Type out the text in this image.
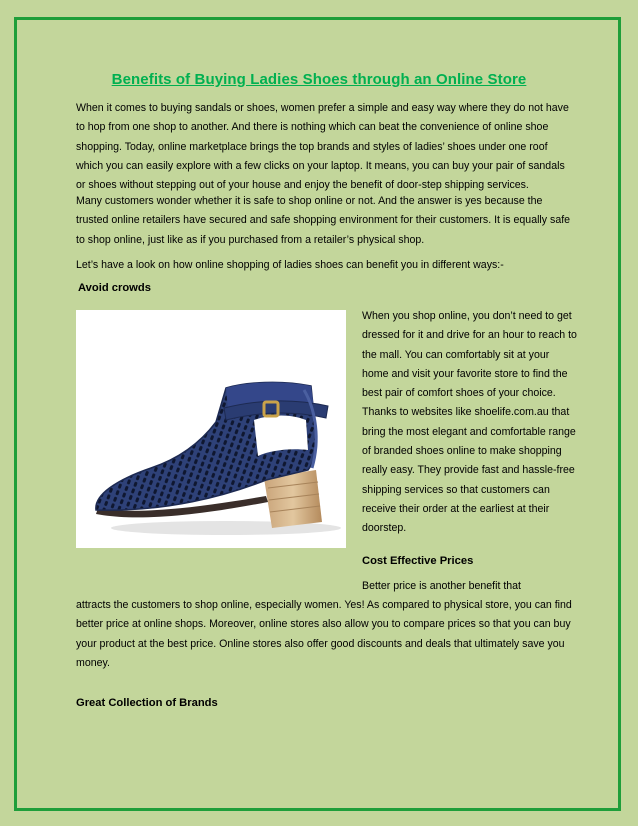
Benefits of Buying Ladies Shoes through an Online Store
When it comes to buying sandals or shoes, women prefer a simple and easy way where they do not have to hop from one shop to another. And there is nothing which can beat the convenience of online shoe shopping. Today, online marketplace brings the top brands and styles of ladies’ shoes under one roof which you can easily explore with a few clicks on your laptop. It means, you can buy your pair of sandals or shoes without stepping out of your house and enjoy the benefit of door-step shipping services.
Many customers wonder whether it is safe to shop online or not. And the answer is yes because the trusted online retailers have secured and safe shopping environment for their customers. It is equally safe to shop online, just like as if you purchased from a retailer’s physical shop.
Let’s have a look on how online shopping of ladies shoes can benefit you in different ways:-
Avoid crowds
When you shop online, you don’t need to get dressed for it and drive for an hour to reach to the mall. You can comfortably sit at your home and visit your favorite store to find the best pair of comfort shoes of your choice. Thanks to websites like shoelife.com.au that bring the most elegant and comfortable range of branded shoes online to make shopping really easy. They provide fast and hassle-free shipping services so that customers can receive their order at the earliest at their doorstep.
Cost Effective Prices
Better price is another benefit that
attracts the customers to shop online, especially women. Yes! As compared to physical store, you can find better price at online shops. Moreover, online stores also allow you to compare prices so that you can buy your product at the best price. Online stores also offer good discounts and deals that ultimately save you money.
Great Collection of Brands
